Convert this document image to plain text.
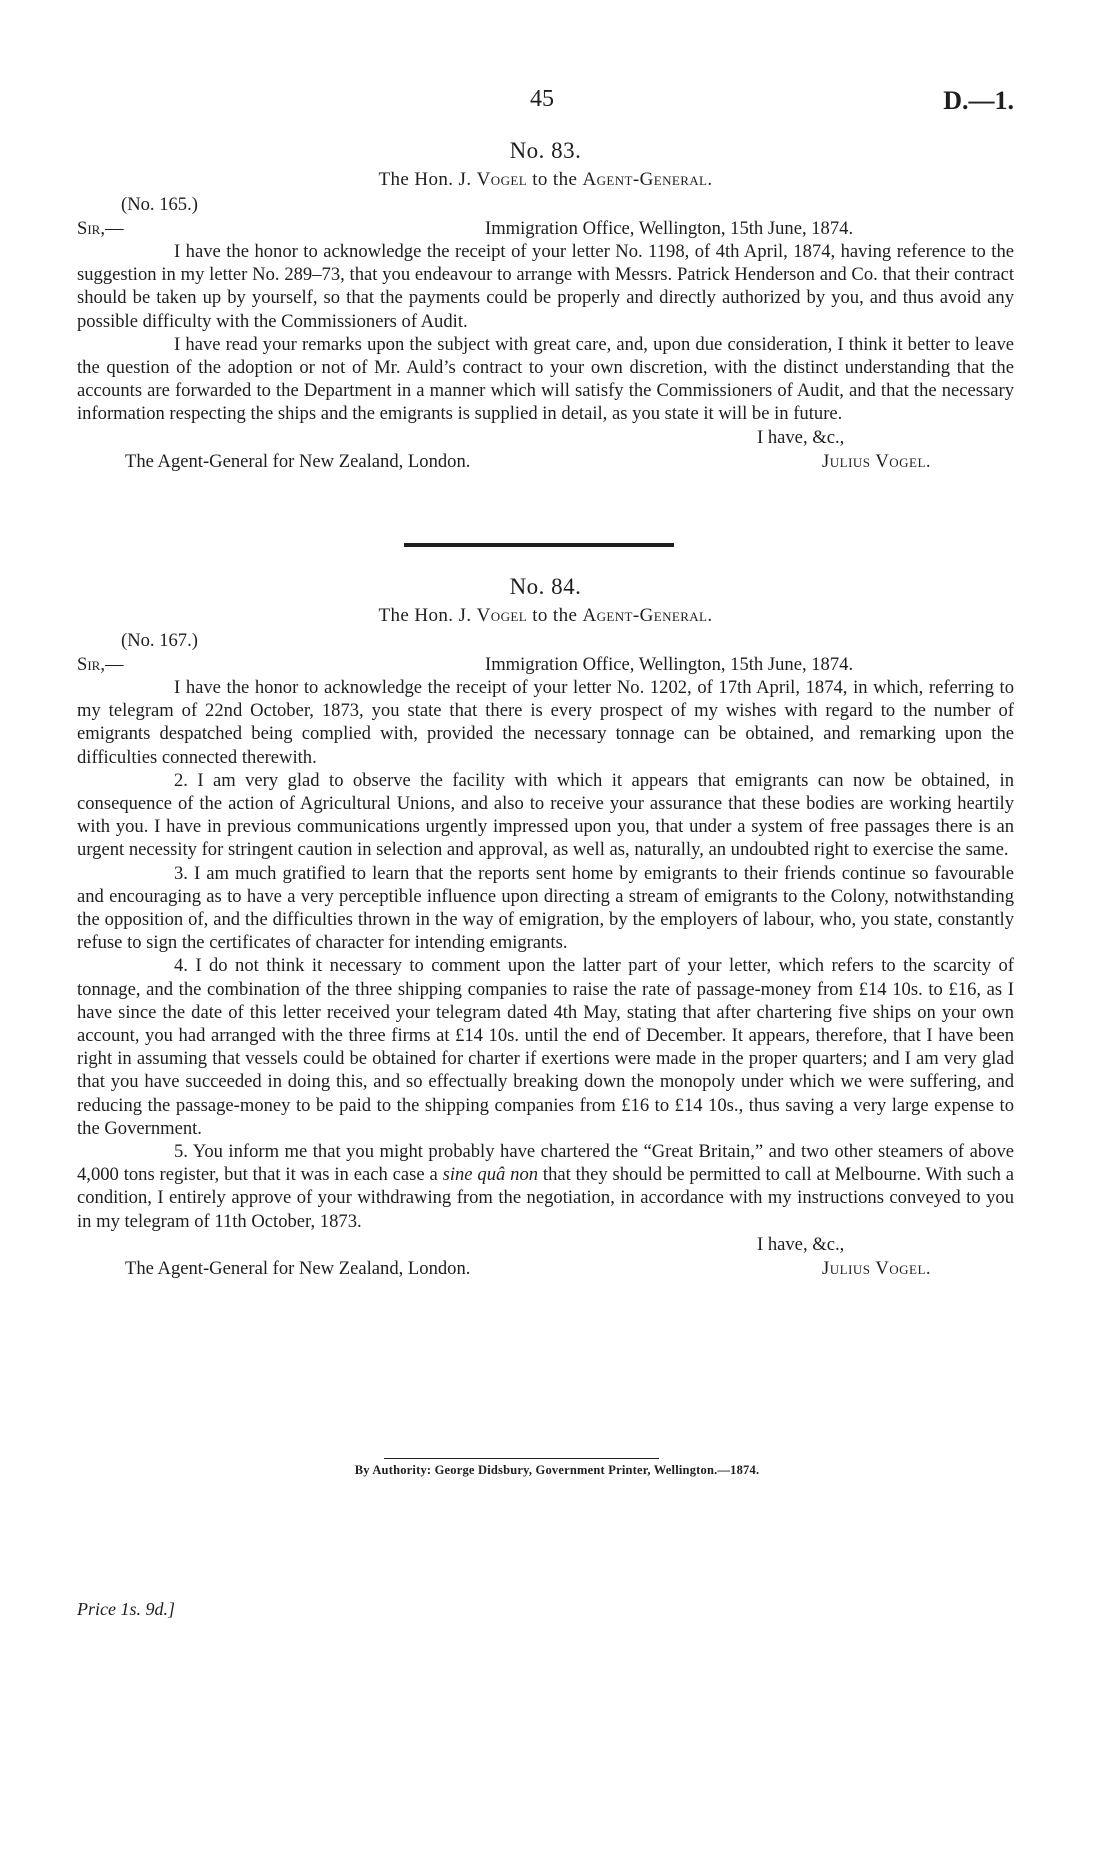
45	D.—1.
No. 83.
The Hon. J. Vogel to the Agent-General.
(No. 165.)
Sir,—	Immigration Office, Wellington, 15th June, 1874.

I have the honor to acknowledge the receipt of your letter No. 1198, of 4th April, 1874, having reference to the suggestion in my letter No. 289–73, that you endeavour to arrange with Messrs. Patrick Henderson and Co. that their contract should be taken up by yourself, so that the payments could be properly and directly authorized by you, and thus avoid any possible difficulty with the Commissioners of Audit.

I have read your remarks upon the subject with great care, and, upon due consideration, I think it better to leave the question of the adoption or not of Mr. Auld’s contract to your own discretion, with the distinct understanding that the accounts are forwarded to the Department in a manner which will satisfy the Commissioners of Audit, and that the necessary information respecting the ships and the emigrants is supplied in detail, as you state it will be in future.

I have, &c.,
The Agent-General for New Zealand, London.	Julius Vogel.
No. 84.
The Hon. J. Vogel to the Agent-General.
(No. 167.)
Sir,—	Immigration Office, Wellington, 15th June, 1874.

I have the honor to acknowledge the receipt of your letter No. 1202, of 17th April, 1874, in which, referring to my telegram of 22nd October, 1873, you state that there is every prospect of my wishes with regard to the number of emigrants despatched being complied with, provided the necessary tonnage can be obtained, and remarking upon the difficulties connected therewith.

2. I am very glad to observe the facility with which it appears that emigrants can now be obtained, in consequence of the action of Agricultural Unions, and also to receive your assurance that these bodies are working heartily with you. I have in previous communications urgently impressed upon you, that under a system of free passages there is an urgent necessity for stringent caution in selection and approval, as well as, naturally, an undoubted right to exercise the same.

3. I am much gratified to learn that the reports sent home by emigrants to their friends continue so favourable and encouraging as to have a very perceptible influence upon directing a stream of emigrants to the Colony, notwithstanding the opposition of, and the difficulties thrown in the way of emigration, by the employers of labour, who, you state, constantly refuse to sign the certificates of character for intending emigrants.

4. I do not think it necessary to comment upon the latter part of your letter, which refers to the scarcity of tonnage, and the combination of the three shipping companies to raise the rate of passage-money from £14 10s. to £16, as I have since the date of this letter received your telegram dated 4th May, stating that after chartering five ships on your own account, you had arranged with the three firms at £14 10s. until the end of December. It appears, therefore, that I have been right in assuming that vessels could be obtained for charter if exertions were made in the proper quarters; and I am very glad that you have succeeded in doing this, and so effectually breaking down the monopoly under which we were suffering, and reducing the passage-money to be paid to the shipping companies from £16 to £14 10s., thus saving a very large expense to the Government.

5. You inform me that you might probably have chartered the “Great Britain,” and two other steamers of above 4,000 tons register, but that it was in each case a sine quâ non that they should be permitted to call at Melbourne. With such a condition, I entirely approve of your withdrawing from the negotiation, in accordance with my instructions conveyed to you in my telegram of 11th October, 1873.

I have, &c.,
The Agent-General for New Zealand, London.	Julius Vogel.
By Authority: George Didsbury, Government Printer, Wellington.—1874.
Price 1s. 9d.]
